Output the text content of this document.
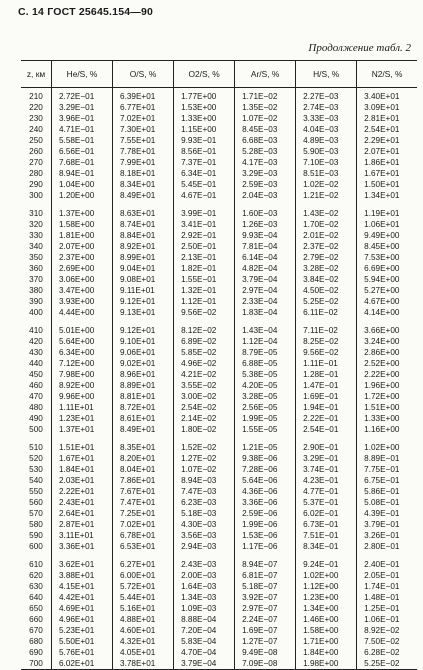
С. 14 ГОСТ 25645.154—90
Продолжение табл. 2
z, км	He/S, %	O/S, %	O2/S, %	Ar/S, %	H/S, %	N2/S, %
210	2.72E−01	6.39E+01	1.77E+00	1.71E−02	2.27E−03	3.40E+01
220	3.29E−01	6.77E+01	1.53E+00	1.35E−02	2.74E−03	3.09E+01
230	3.96E−01	7.02E+01	1.33E+00	1.07E−02	3.33E−03	2.81E+01
240	4.71E−01	7.30E+01	1.15E+00	8.45E−03	4.04E−03	2.54E+01
250	5.58E−01	7.55E+01	9.93E−01	6.68E−03	4.89E−03	2.29E+01
260	6.56E−01	7.78E+01	8.56E−01	5.28E−03	5.90E−03	2.07E+01
270	7.68E−01	7.99E+01	7.37E−01	4.17E−03	7.10E−03	1.86E+01
280	8.94E−01	8.18E+01	6.34E−01	3.29E−03	8.51E−03	1.67E+01
290	1.04E+00	8.34E+01	5.45E−01	2.59E−03	1.02E−02	1.50E+01
300	1.20E+00	8.49E+01	4.67E−01	2.04E−03	1.21E−02	1.34E+01
310	1.37E+00	8.63E+01	3.99E−01	1.60E−03	1.43E−02	1.19E+01
320	1.58E+00	8.74E+01	3.41E−01	1.26E−03	1.70E−02	1.06E+01
330	1.81E+00	8.84E+01	2.92E−01	9.93E−04	2.01E−02	9.49E+00
340	2.07E+00	8.92E+01	2.50E−01	7.81E−04	2.37E−02	8.45E+00
350	2.37E+00	8.99E+01	2.13E−01	6.14E−04	2.79E−02	7.53E+00
360	2.69E+00	9.04E+01	1.82E−01	4.82E−04	3.28E−02	6.69E+00
370	3.06E+00	9.08E+01	1.55E−01	3.79E−04	3.84E−02	5.94E+00
380	3.47E+00	9.11E+01	1.32E−01	2.97E−04	4.50E−02	5.27E+00
390	3.93E+00	9.12E+01	1.12E−01	2.33E−04	5.25E−02	4.67E+00
400	4.44E+00	9.13E+01	9.56E−02	1.83E−04	6.11E−02	4.14E+00
410	5.01E+00	9.12E+01	8.12E−02	1.43E−04	7.11E−02	3.66E+00
420	5.64E+00	9.10E+01	6.89E−02	1.12E−04	8.25E−02	3.24E+00
430	6.34E+00	9.06E+01	5.85E−02	8.79E−05	9.56E−02	2.86E+00
440	7.12E+00	9.02E+01	4.96E−02	6.88E−05	1.11E−01	2.52E+00
450	7.98E+00	8.96E+01	4.21E−02	5.38E−05	1.28E−01	2.22E+00
460	8.92E+00	8.89E+01	3.55E−02	4.20E−05	1.47E−01	1.96E+00
470	9.96E+00	8.81E+01	3.00E−02	3.28E−05	1.69E−01	1.72E+00
480	1.11E+01	8.72E+01	2.54E−02	2.56E−05	1.94E−01	1.51E+00
490	1.23E+01	8.61E+01	2.14E−02	1.99E−05	2.22E−01	1.33E+00
500	1.37E+01	8.49E+01	1.80E−02	1.55E−05	2.54E−01	1.16E+00
510	1.51E+01	8.35E+01	1.52E−02	1.21E−05	2.90E−01	1.02E+00
520	1.67E+01	8.20E+01	1.27E−02	9.38E−06	3.29E−01	8.89E−01
530	1.84E+01	8.04E+01	1.07E−02	7.28E−06	3.74E−01	7.75E−01
540	2.03E+01	7.86E+01	8.94E−03	5.64E−06	4.23E−01	6.75E−01
550	2.22E+01	7.67E+01	7.47E−03	4.36E−06	4.77E−01	5.86E−01
560	2.43E+01	7.47E+01	6.23E−03	3.36E−06	5.37E−01	5.08E−01
570	2.64E+01	7.25E+01	5.18E−03	2.59E−06	6.02E−01	4.39E−01
580	2.87E+01	7.02E+01	4.30E−03	1.99E−06	6.73E−01	3.79E−01
590	3.11E+01	6.78E+01	3.56E−03	1.53E−06	7.51E−01	3.26E−01
600	3.36E+01	6.53E+01	2.94E−03	1.17E−06	8.34E−01	2.80E−01
610	3.62E+01	6.27E+01	2.43E−03	8.94E−07	9.24E−01	2.40E−01
620	3.88E+01	6.00E+01	2.00E−03	6.81E−07	1.02E+00	2.05E−01
630	4.15E+01	5.72E+01	1.64E−03	5.18E−07	1.12E+00	1.74E−01
640	4.42E+01	5.44E+01	1.34E−03	3.92E−07	1.23E+00	1.48E−01
650	4.69E+01	5.16E+01	1.09E−03	2.97E−07	1.34E+00	1.25E−01
660	4.96E+01	4.88E+01	8.88E−04	2.24E−07	1.46E+00	1.06E−01
670	5.23E+01	4.60E+01	7.20E−04	1.69E−07	1.58E+00	8.92E−02
680	5.50E+01	4.32E+01	5.83E−04	1.27E−07	1.71E+00	7.50E−02
690	5.76E+01	4.05E+01	4.70E−04	9.49E−08	1.84E+00	6.28E−02
700	6.02E+01	3.78E+01	3.79E−04	7.09E−08	1.98E+00	5.25E−02
